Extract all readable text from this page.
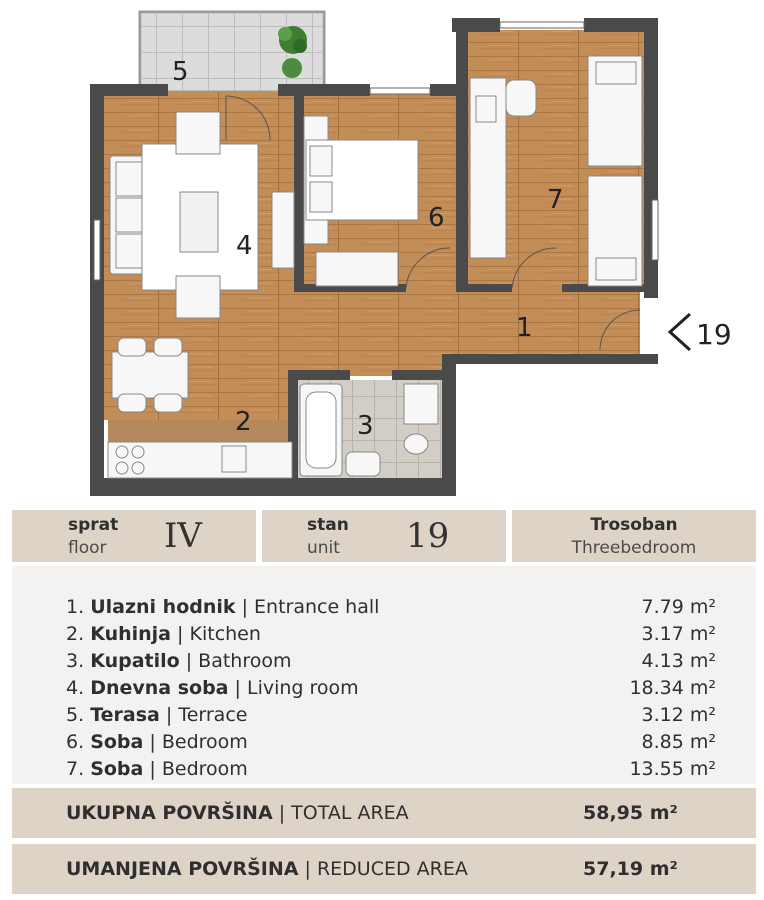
1
2	3
4
5
6
7
19
sprat
floor IV	stan
unit 19	Trosoban
Threebedroom
1. Ulazni hodnik | Entrance hall	7.79 m²
2. Kuhinja | Kitchen	3.17 m²
3. Kupatilo | Bathroom	4.13 m²
4. Dnevna soba | Living room	18.34 m²
5. Terasa | Terrace	3.12 m²
6. Soba | Bedroom	8.85 m²
7. Soba | Bedroom	13.55 m²
UKUPNA POVRŠINA | TOTAL AREA	58,95 m²
UMANJENA POVRŠINA | REDUCED AREA	57,19 m²
